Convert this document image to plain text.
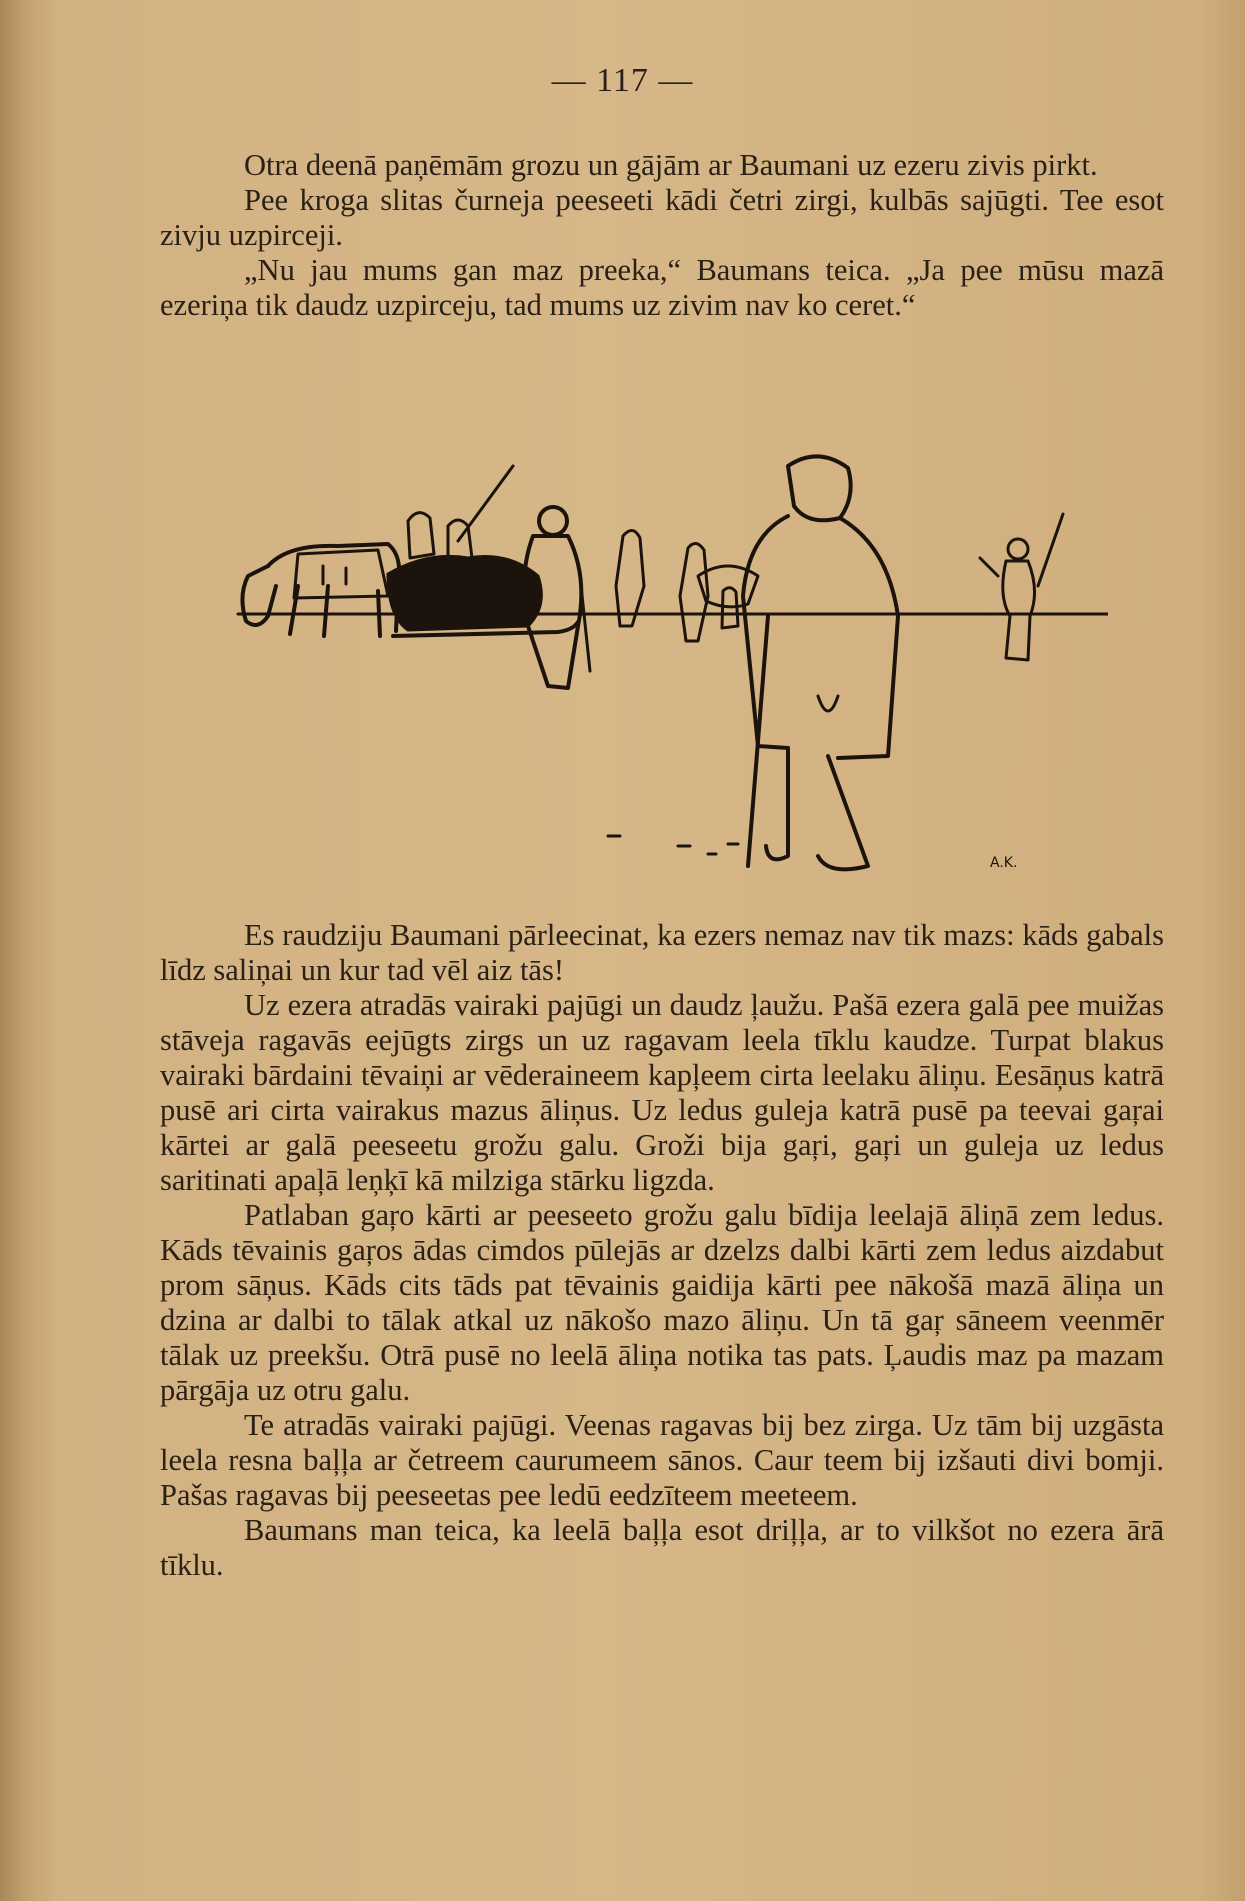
— 117 —

Otra deenā paņēmām grozu un gājām ar Baumani uz ezeru zivis pirkt.

Pee kroga slitas čurneja peeseeti kādi četri zirgi, kulbās sajūgti. Tee esot zivju uzpirceji.

„Nu jau mums gan maz preeka,“ Baumans teica. „Ja pee mūsu mazā ezeriņa tik daudz uzpirceju, tad mums uz zivim nav ko ceret.“

A.K.

Es raudziju Baumani pārleecinat, ka ezers nemaz nav tik mazs: kāds gabals līdz saliņai un kur tad vēl aiz tās!

Uz ezera atradās vairaki pajūgi un daudz ļaužu. Pašā ezera galā pee muižas stāveja ragavās eejūgts zirgs un uz ragavam leela tīklu kaudze. Turpat blakus vairaki bārdaini tēvaiņi ar vēderaineem kapļeem cirta leelaku āliņu. Eesāņus katrā pusē ari cirta vairakus mazus āliņus. Uz ledus guleja katrā pusē pa teevai gaŗai kārtei ar galā peeseetu grožu galu. Groži bija gaŗi, gaŗi un guleja uz ledus saritinati apaļā leņķī kā milziga stārku ligzda.

Patlaban gaŗo kārti ar peeseeto grožu galu bīdija leelajā āliņā zem ledus. Kāds tēvainis gaŗos ādas cimdos pūlejās ar dzelzs dalbi kārti zem ledus aizdabut prom sāņus. Kāds cits tāds pat tēvainis gaidija kārti pee nākošā mazā āliņa un dzina ar dalbi to tālak atkal uz nākošo mazo āliņu. Un tā gaŗ sāneem veenmēr tālak uz preekšu. Otrā pusē no leelā āliņa notika tas pats. Ļaudis maz pa mazam pārgāja uz otru galu.

Te atradās vairaki pajūgi. Veenas ragavas bij bez zirga. Uz tām bij uzgāsta leela resna baļļa ar četreem caurumeem sānos. Caur teem bij izšauti divi bomji. Pašas ragavas bij peeseetas pee ledū eedzīteem meeteem.

Baumans man teica, ka leelā baļļa esot driļļa, ar to vilkšot no ezera ārā tīklu.
